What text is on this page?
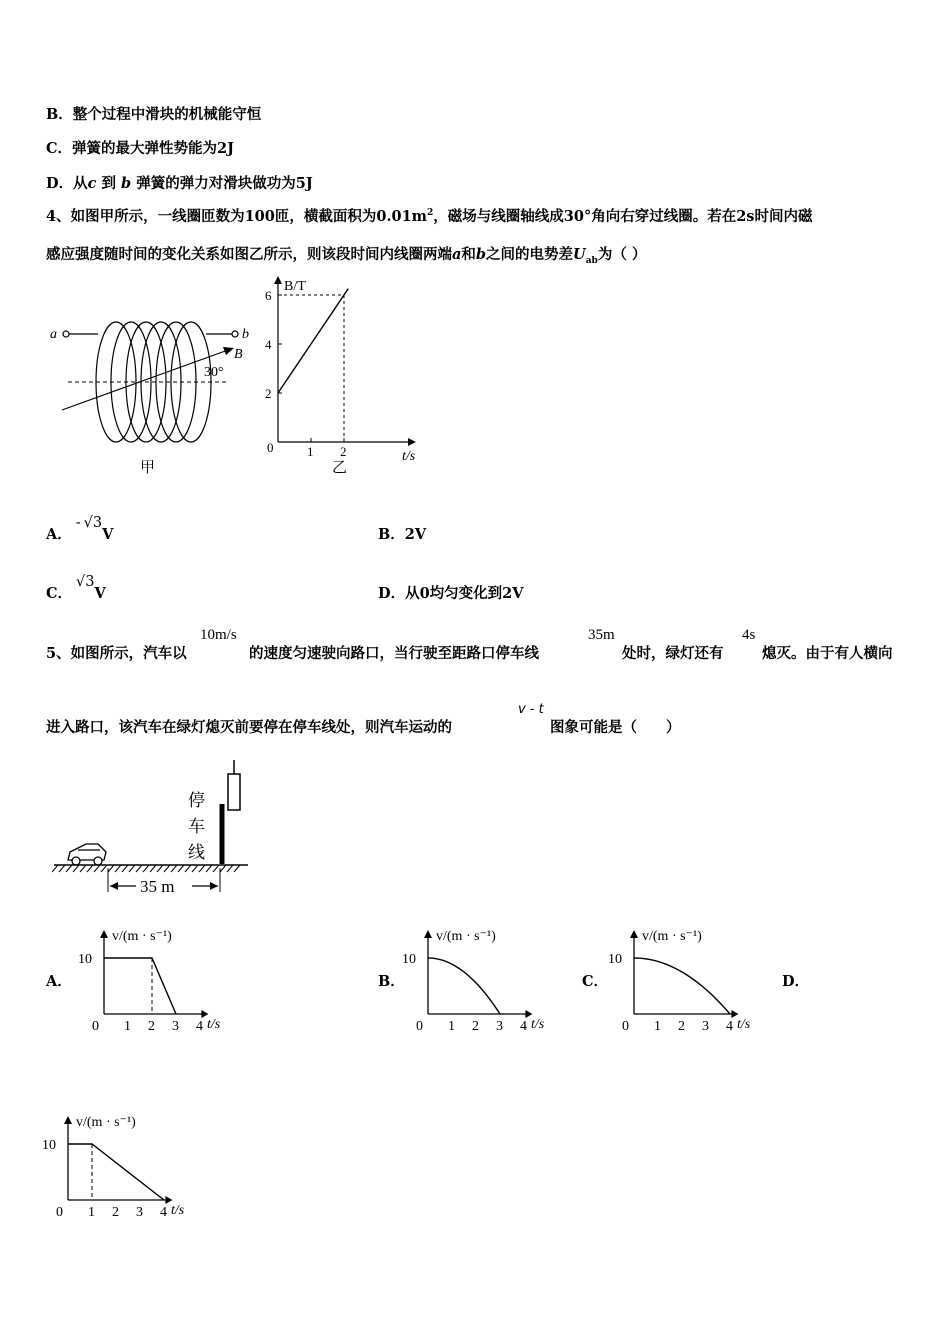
B．整个过程中滑块的机械能守恒
C．弹簧的最大弹性势能为2J
D．从c 到 b 弹簧的弹力对滑块做功为5J
4、如图甲所示，一线圈匝数为100匝，横截面积为$0.01m^2$，磁场与线圈轴线成30°角向右穿过线圈。若在2s时间内磁
感应强度随时间的变化关系如图乙所示，则该段时间内线圈两端a和b之间的电势差$U_{ab}$为（ ）
a	b
B
30°
甲
B/T
t/s
0	1 2
2
4
6
乙
A．- √3V	B．2V
C．√3V	D．从0均匀变化到2V
5、如图所示，汽车以
10m/s
的速度匀速驶向路口，当行驶至距路口停车线
35m
处时，绿灯还有
4s
熄灭。由于有人横向
进入路口，该汽车在绿灯熄灭前要停在停车线处，则汽车运动的
v - t
图象可能是（　　）
停 车 线
35 m
A．	B．	C．	D．
v/(m · s⁻¹)
t/s
0 1 2 3 4
10
v/(m · s⁻¹)
t/s
0 1 2 3 4
10
v/(m · s⁻¹)
t/s
0 1 2 3 4
10
v/(m · s⁻¹)
t/s
0 1 2 3 4
10
